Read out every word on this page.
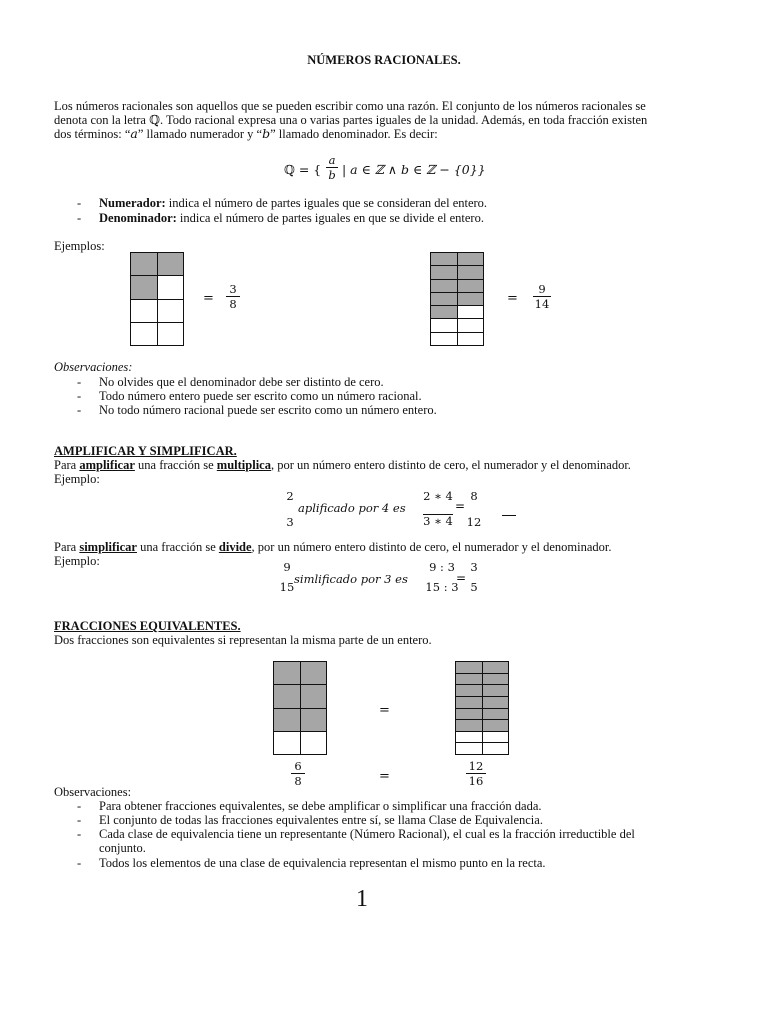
NÚMEROS RACIONALES.
Los números racionales son aquellos que se pueden escribir como una razón. El conjunto de los números racionales se
denota con la letra ℚ. Todo racional expresa una o varias partes iguales de la unidad. Además, en toda fracción existen
dos términos: “a” llamado numerador y “b” llamado denominador. Es decir:
ℚ = {
a
b | a ∈ ℤ ∧ b ∈ ℤ − {0}}
- Numerador: indica el número de partes iguales que se consideran del entero.
- Denominador: indica el número de partes iguales en que se divide el entero.
Ejemplos:
=
3
8	=
9
14
Observaciones:
- No olvides que el denominador debe ser distinto de cero.
- Todo número entero puede ser escrito como un número racional.
- No todo número racional puede ser escrito como un número entero.
AMPLIFICAR Y SIMPLIFICAR.
Para amplificar una fracción se multiplica, por un número entero distinto de cero, el numerador y el denominador.
Ejemplo:
2
3
aplificado por 4 es
2 ∗ 4
3 ∗ 4
=
8
12
Para simplificar una fracción se divide, por un número entero distinto de cero, el numerador y el denominador.
Ejemplo:	9
15
simlificado por 3 es
9 : 3
15 : 3
=
3
5
FRACCIONES EQUIVALENTES.
Dos fracciones son equivalentes si representan la misma parte de un entero.
=
6
8	=
12
16
Observaciones:
- Para obtener fracciones equivalentes, se debe amplificar o simplificar una fracción dada.
- El conjunto de todas las fracciones equivalentes entre sí, se llama Clase de Equivalencia.
- Cada clase de equivalencia tiene un representante (Número Racional), el cual es la fracción irreductible del
conjunto.
- Todos los elementos de una clase de equivalencia representan el mismo punto en la recta.
1
